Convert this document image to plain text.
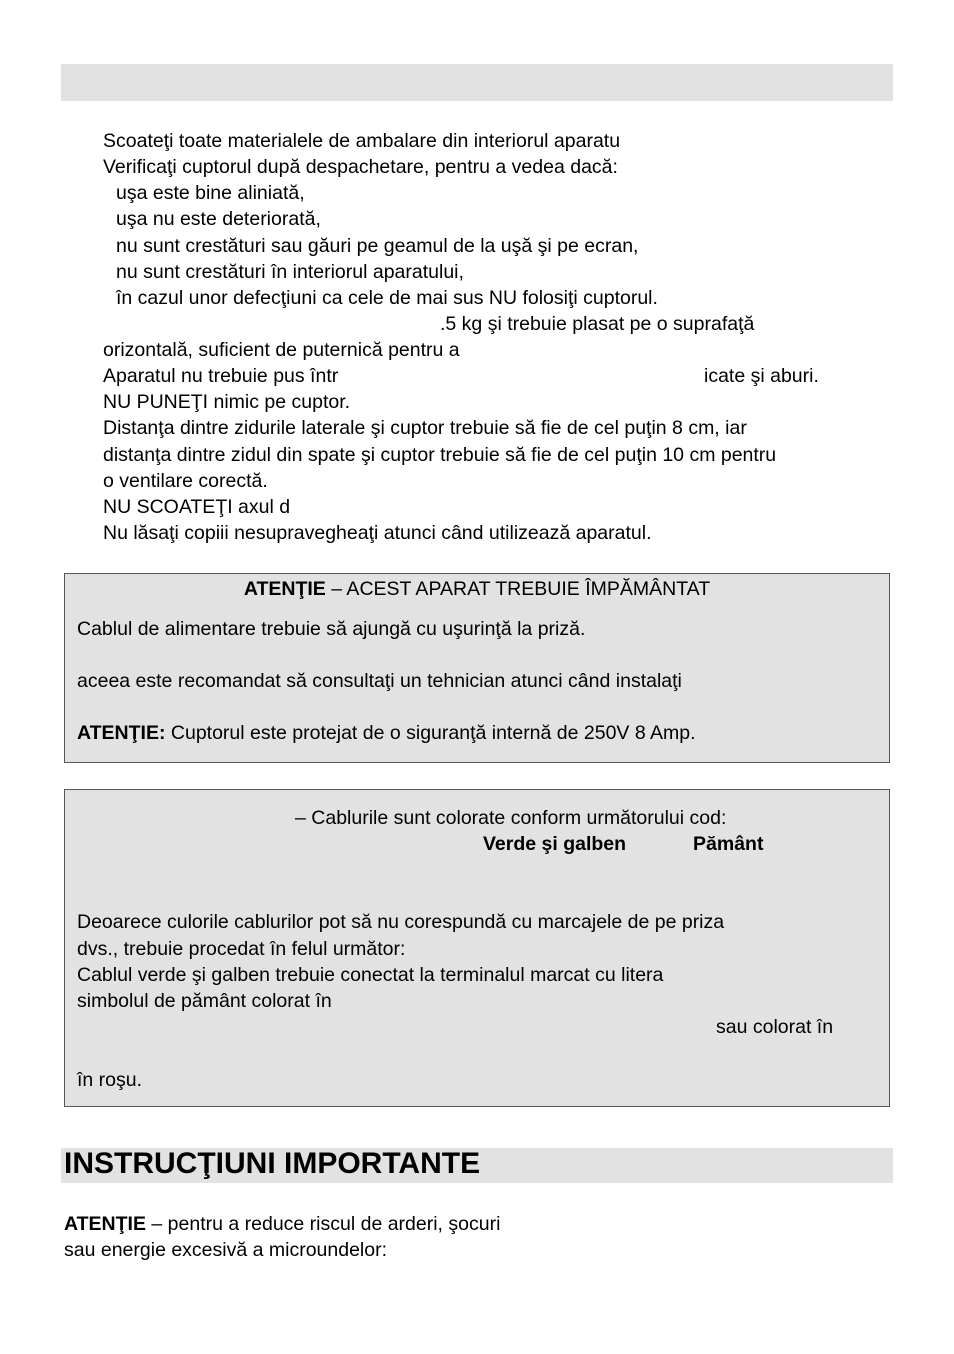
Scoateţi toate materialele de ambalare din interiorul aparatu
Verificaţi cuptorul după despachetare, pentru a vedea dacă:
uşa este bine aliniată,
uşa nu este deteriorată,
nu sunt crestături sau găuri pe geamul de la uşă şi pe ecran,
nu sunt crestături în interiorul aparatului,
în cazul unor defecţiuni ca cele de mai sus NU folosiţi cuptorul.
.5 kg şi trebuie plasat pe o suprafaţă
orizontală, suficient de puternică pentru a
Aparatul nu trebuie pus într	icate şi aburi.
NU PUNEŢI nimic pe cuptor.
Distanţa dintre zidurile laterale şi cuptor trebuie să fie de cel puţin 8 cm, iar
distanţa dintre zidul din spate şi cuptor trebuie să fie de cel puţin 10 cm pentru
o ventilare corectă.
NU SCOATEŢI axul d
Nu lăsaţi copiii nesupravegheaţi atunci când utilizează aparatul.
ATENŢIE – ACEST APARAT TREBUIE ÎMPĂMÂNTAT
Cablul de alimentare trebuie să ajungă cu uşurinţă la priză.
aceea este recomandat să consultaţi un tehnician atunci când instalaţi
ATENŢIE: Cuptorul este protejat de o siguranţă internă de 250V 8 Amp.
– Cablurile sunt colorate conform următorului cod:
Verde şi galben	Pământ
Deoarece culorile cablurilor pot să nu corespundă cu marcajele de pe priza
dvs., trebuie procedat în felul următor:
Cablul verde şi galben trebuie conectat la terminalul marcat cu litera
simbolul de pământ colorat în
sau colorat în
în roşu.
INSTRUCŢIUNI IMPORTANTE
ATENŢIE – pentru a reduce riscul de arderi, şocuri
sau energie excesivă a microundelor:
